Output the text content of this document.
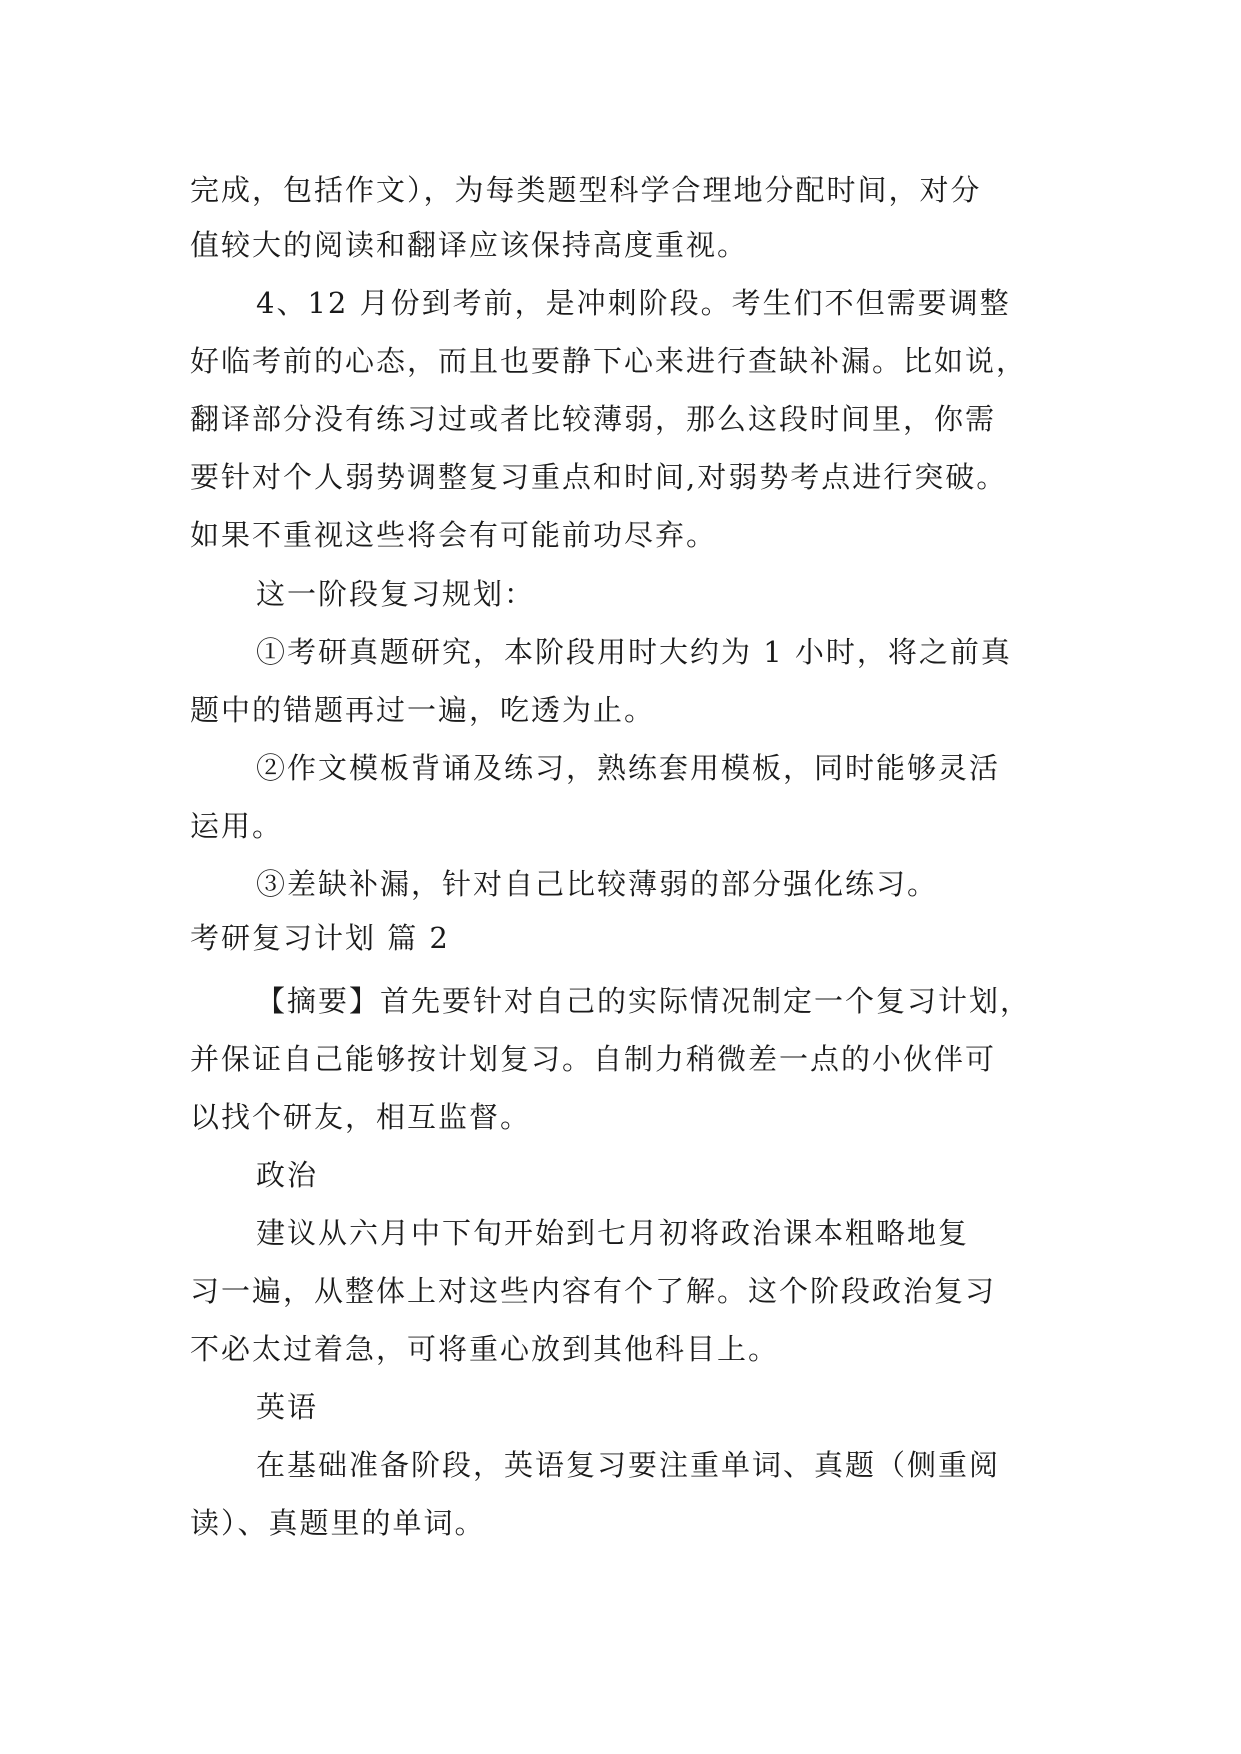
完成，包括作文），为每类题型科学合理地分配时间，对分

值较大的阅读和翻译应该保持高度重视。

4、12 月份到考前，是冲刺阶段。考生们不但需要调整

好临考前的心态，而且也要静下心来进行查缺补漏。比如说，

翻译部分没有练习过或者比较薄弱，那么这段时间里，你需

要针对个人弱势调整复习重点和时间,对弱势考点进行突破。

如果不重视这些将会有可能前功尽弃。

这一阶段复习规划：

①考研真题研究，本阶段用时大约为 1 小时，将之前真

题中的错题再过一遍，吃透为止。

②作文模板背诵及练习，熟练套用模板，同时能够灵活

运用。

③差缺补漏，针对自己比较薄弱的部分强化练习。

考研复习计划 篇 2

【摘要】首先要针对自己的实际情况制定一个复习计划，

并保证自己能够按计划复习。自制力稍微差一点的小伙伴可

以找个研友，相互监督。

政治

建议从六月中下旬开始到七月初将政治课本粗略地复

习一遍，从整体上对这些内容有个了解。这个阶段政治复习

不必太过着急，可将重心放到其他科目上。

英语

在基础准备阶段，英语复习要注重单词、真题（侧重阅

读）、真题里的单词。
